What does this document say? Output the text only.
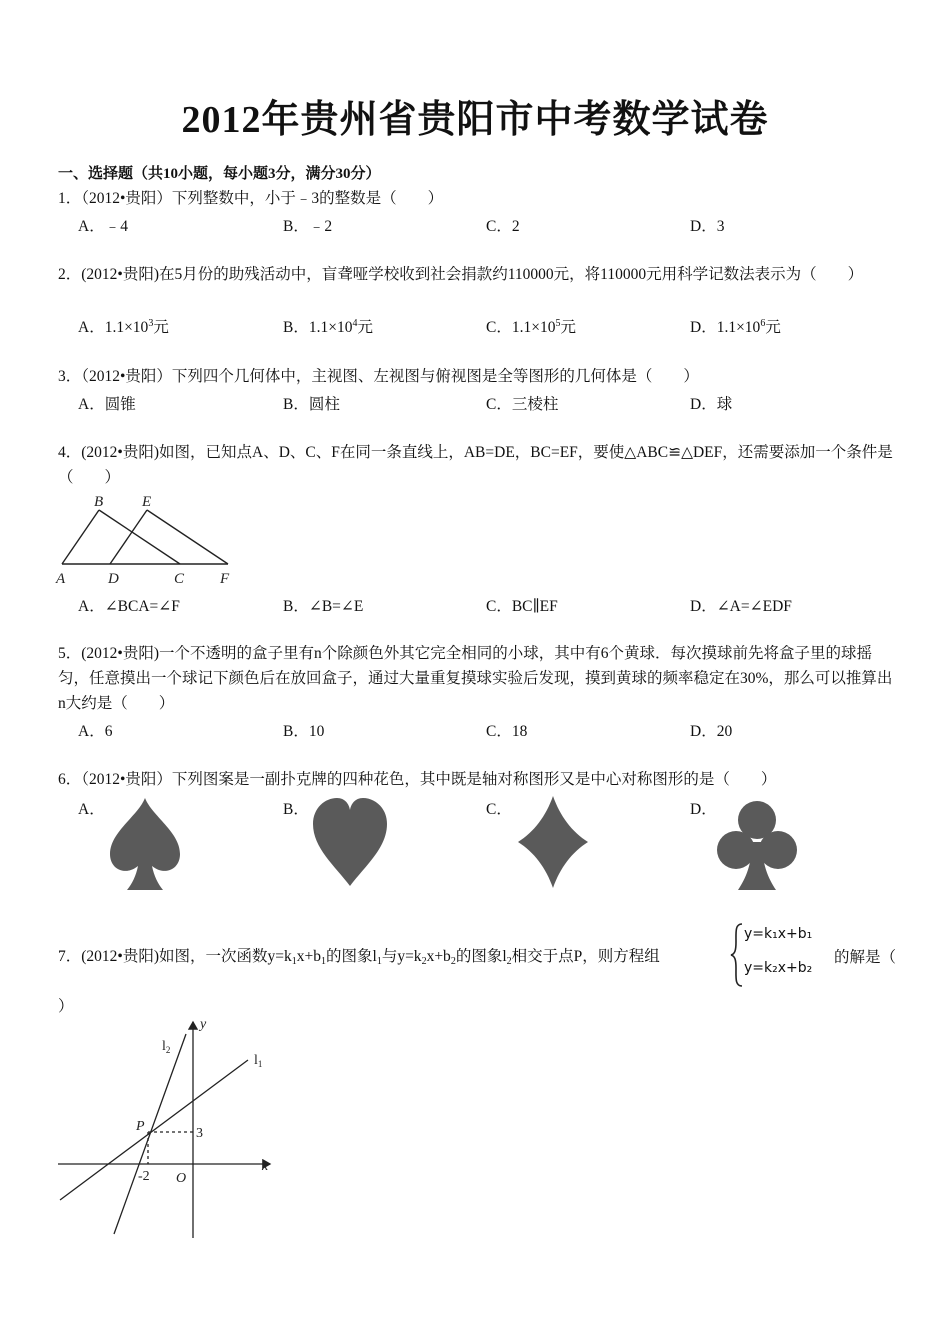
2012年贵州省贵阳市中考数学试卷
一、选择题（共10小题，每小题3分，满分30分）
1．（2012•贵阳）下列整数中，小于﹣3的整数是（　　）
A．﹣4	B．﹣2	C．2	D．3
2．(2012•贵阳)在5月份的助残活动中，盲聋哑学校收到社会捐款约110000元，将110000元用科学记数法表示为（　　）
A．$1.1\times 10^3$元	B．$1.1\times 10^4$元	C．$1.1\times 10^5$元	D．$1.1\times 10^6$元
3．（2012•贵阳）下列四个几何体中，主视图、左视图与俯视图是全等图形的几何体是（　　）
A．圆锥	B．圆柱	C．三棱柱	D．球
4．(2012•贵阳)如图，已知点A、D、C、F在同一条直线上，AB=DE，BC=EF，要使△ABC≌△DEF，还需要添加一个条件是（　　）
B	E
A	D	C F
A．∠BCA=∠F	B．∠B=∠E	C．BC∥EF	D．∠A=∠EDF
5．(2012•贵阳)一个不透明的盒子里有n个除颜色外其它完全相同的小球，其中有6个黄球．每次摸球前先将盒子里的球摇匀，任意摸出一个球记下颜色后在放回盒子，通过大量重复摸球实验后发现，摸到黄球的频率稳定在30%，那么可以推算出n大约是（　　）
A．6	B．10	C．18	D．20
6．（2012•贵阳）下列图案是一副扑克牌的四种花色，其中既是轴对称图形又是中心对称图形的是（　　）
A．	B．	C．	D．
7．(2012•贵阳)如图，一次函数$y=k_1x+b_1$的图象$l_1$与$y=k_2x+b_2$的图象$l_2$相交于点P，则方程组
y=k₁x+b₁
y=k₂x+b₂
的解是（
）
y
x
O
P	3
-2
$l_2$
$l_1$
